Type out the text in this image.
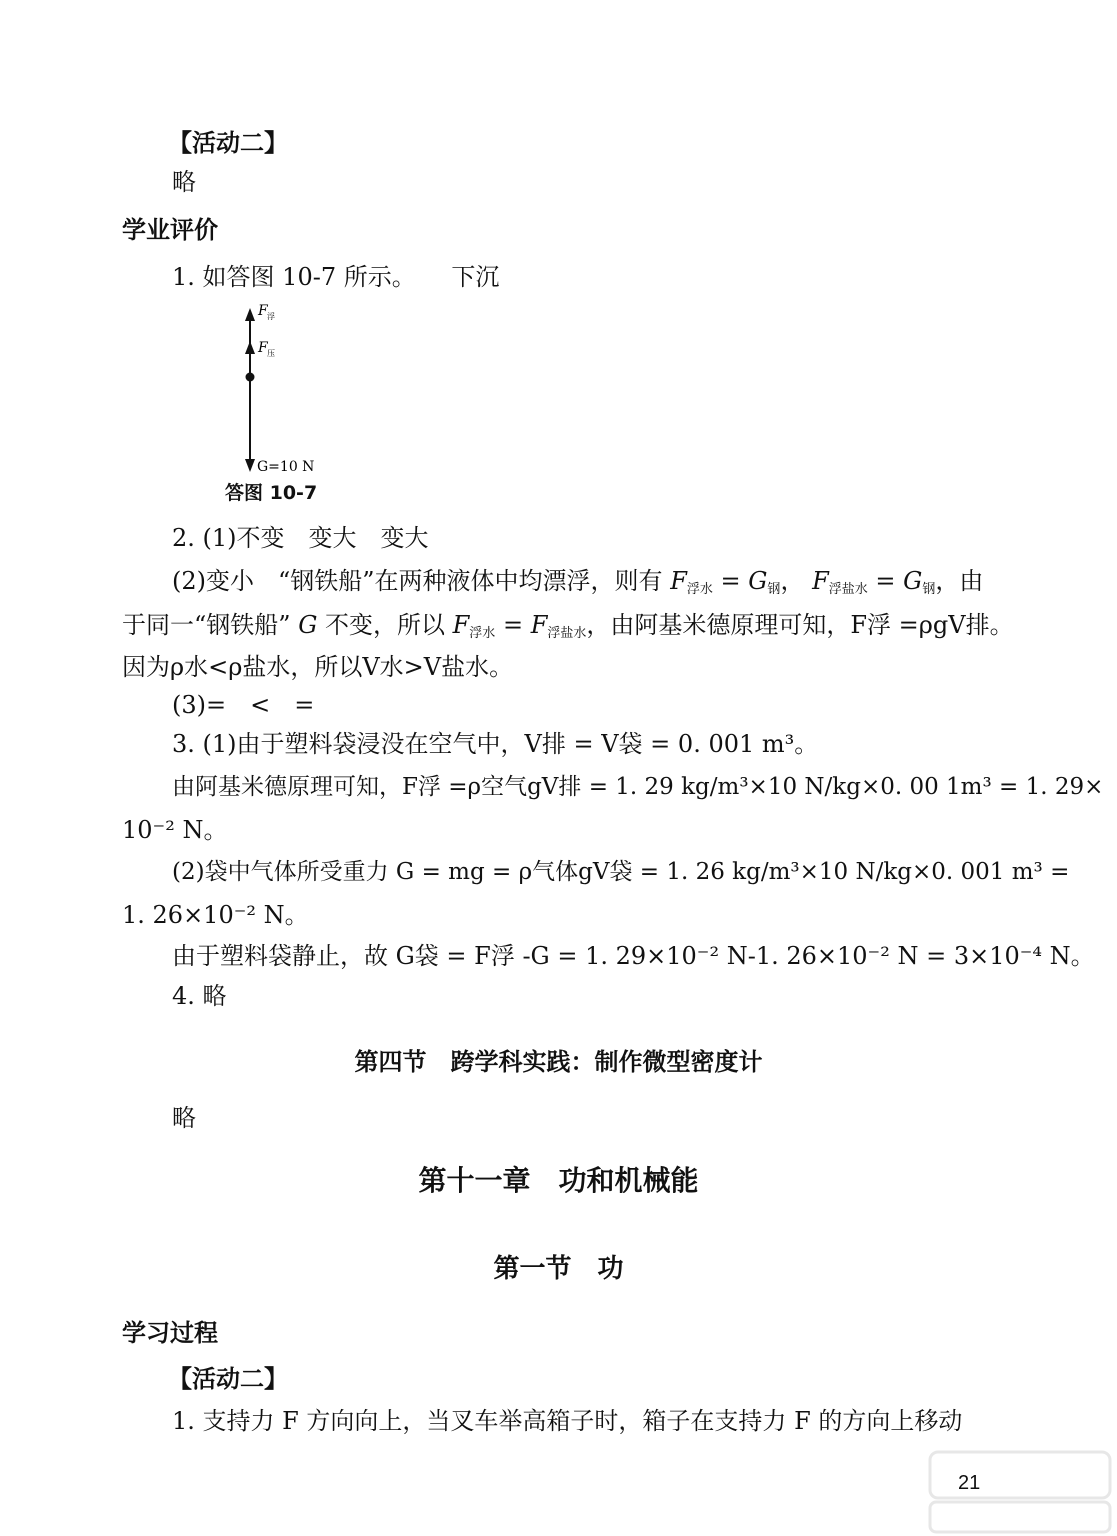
【活动二】
略
学业评价
1. 如答图 10-7 所示。 下沉
F 浮
F 压
G=10 N
答图 10-7
2. (1)不变　变大　变大
(2)变小　“钢铁船”在两种液体中均漂浮，则有 $F_{浮水} = G_钢$， $F_{浮盐水} = G_钢$，由
于同一“钢铁船” G 不变，所以 $F_{浮水} = F_{浮盐水}$，由阿基米德原理可知，F浮 =ρgV排。
因为ρ水<ρ盐水，所以V水>V盐水。
(3)=　<　=
3. (1)由于塑料袋浸没在空气中，V排 = V袋 = 0. 001 m³。
由阿基米德原理可知，F浮 =ρ空气gV排 = 1. 29 kg/m³×10 N/kg×0. 00 1m³ = 1. 29×
10⁻² N。
(2)袋中气体所受重力 G = mg = ρ气体gV袋 = 1. 26 kg/m³×10 N/kg×0. 001 m³ =
1. 26×10⁻² N。
由于塑料袋静止，故 G袋 = F浮 -G = 1. 29×10⁻² N-1. 26×10⁻² N = 3×10⁻⁴ N。
4. 略
第四节　跨学科实践：制作微型密度计
略
第十一章　功和机械能
第一节　功
学习过程
【活动二】
1. 支持力 F 方向向上，当叉车举高箱子时，箱子在支持力 F 的方向上移动
21
